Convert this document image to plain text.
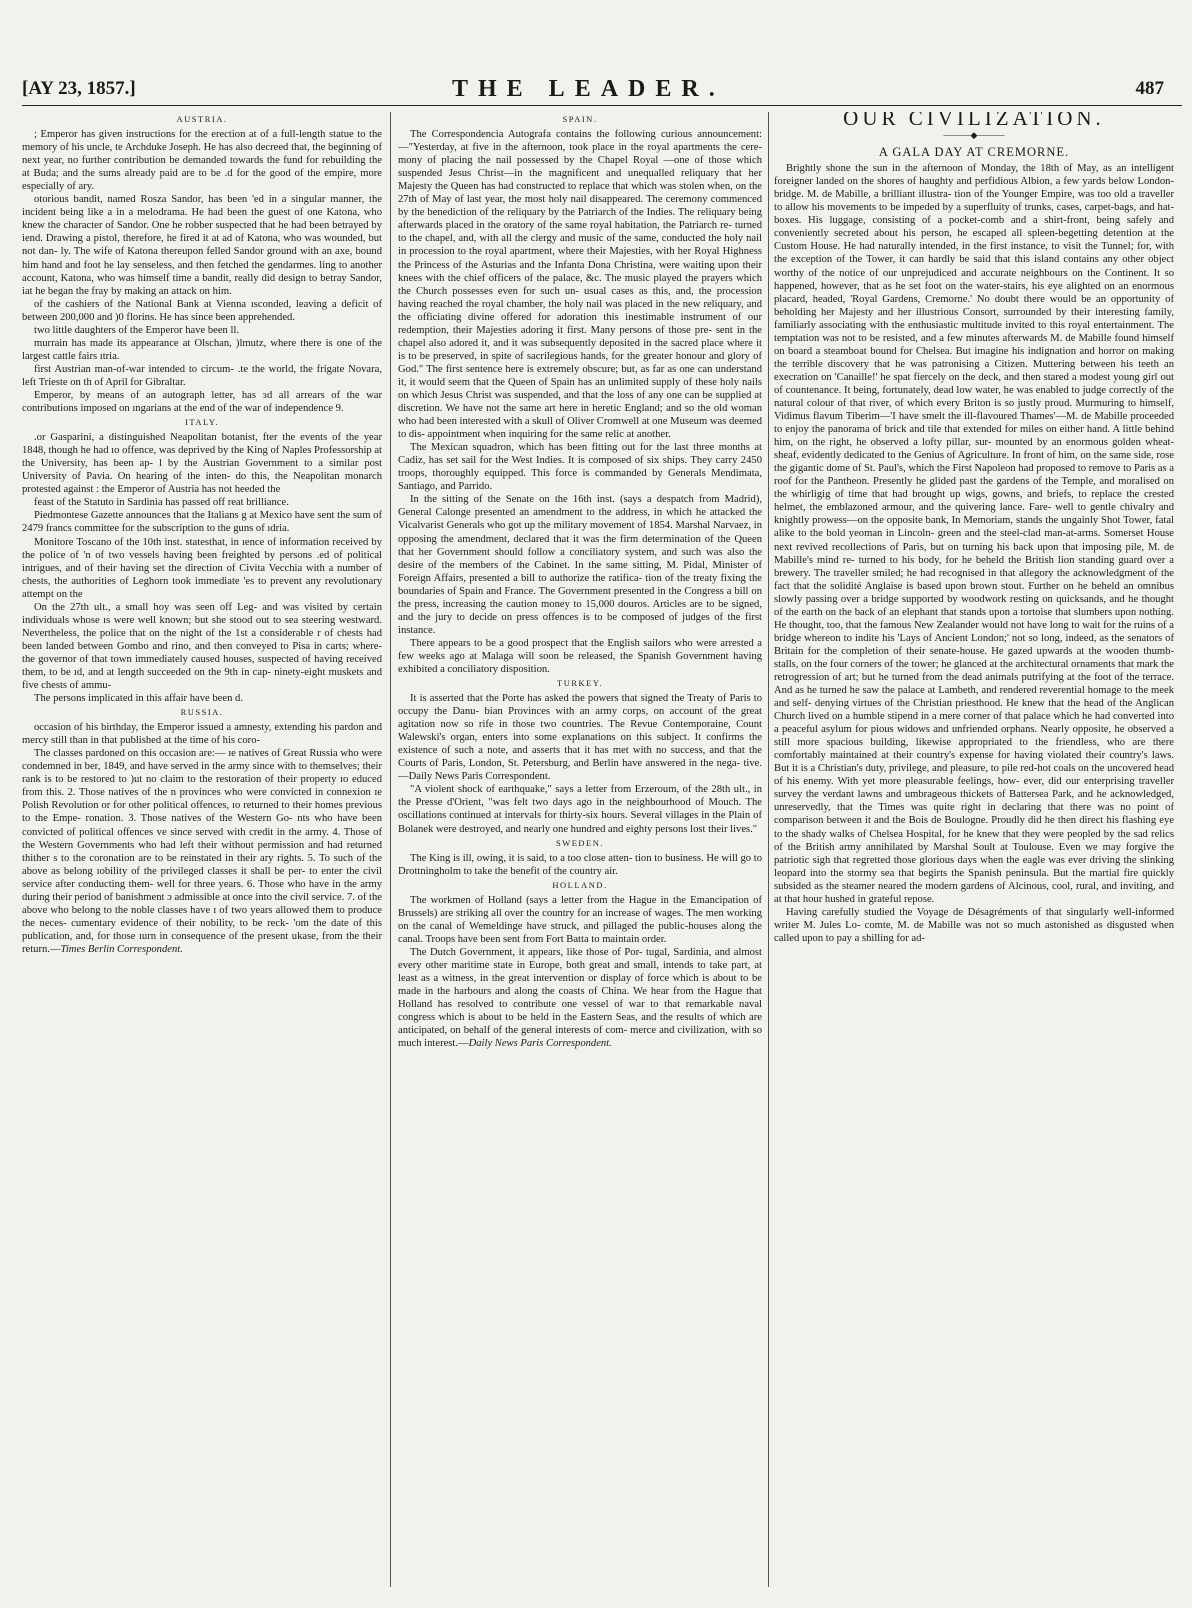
[AY 23, 1857.]	THE LEADER.	487
AUSTRIA.

; Emperor has given instructions for the erection at of a full-length statue to the memory of his uncle, te Archduke Joseph. He has also decreed that, the beginning of next year, no further contribution be demanded towards the fund for rebuilding the at Buda; and the sums already paid are to be .d for the good of the empire, more especially of ary.

otorious bandit, named Rosza Sandor, has been 'ed in a singular manner, the incident being like a in a melodrama. He had been the guest of one Katona, who knew the character of Sandor. One he robber suspected that he had been betrayed by iend. Drawing a pistol, therefore, he fired it at ad of Katona, who was wounded, but not dan- ly. The wife of Katona thereupon felled Sandor ground with an axe, bound him hand and foot he lay senseless, and then fetched the gendarmes. ling to another account, Katona, who was himself time a bandit, really did design to betray Sandor, iat he began the fray by making an attack on him.

of the cashiers of the National Bank at Vienna ısconded, leaving a deficit of between 200,000 and )0 florins. He has since been apprehended.

two little daughters of the Emperor have been ll.

murrain has made its appearance at Olschan, )lmutz, where there is one of the largest cattle fairs ıtria.

first Austrian man-of-war intended to circum- .te the world, the frigate Novara, left Trieste on th of April for Gibraltar.

Emperor, by means of an autograph letter, has ɜd all arrears of the war contributions imposed on ıngarians at the end of the war of independence 9.

ITALY.

.or Gasparini, a distinguished Neapolitan botanist, fter the events of the year 1848, though he had ıo offence, was deprived by the King of Naples Professorship at the University, has been ap- l by the Austrian Government to a similar post University of Pavia. On hearing of the inten- do this, the Neapolitan monarch protested against : the Emperor of Austria has not heeded the

feast of the Statuto in Sardinia has passed off reat brilliance.

Piedmontese Gazette announces that the Italians g at Mexico have sent the sum of 2479 francs committee for the subscription to the guns of ıdria.

Monitore Toscano of the 10th inst. statesthat, in ıence of information received by the police of 'n of two vessels having been freighted by persons .ed of political intrigues, and of their having set the direction of Civita Vecchia with a number of chests, the authorities of Leghorn took immediate 'es to prevent any revolutionary attempt on the

On the 27th ult., a small hoy was seen off Leg- and was visited by certain individuals whose ıs were well known; but she stood out to sea steering westward. Nevertheless, the police that on the night of the 1st a considerable r of chests had been landed between Gombo and rino, and then conveyed to Pisa in carts; where- the governor of that town immediately caused houses, suspected of having received them, to be ıd, and at length succeeded on the 9th in cap- ninety-eight muskets and five chests of ammu-

The persons implicated in this affair have been d.

RUSSIA.

occasion of his birthday, the Emperor issued a amnesty, extending his pardon and mercy still than in that published at the time of his coro-

The classes pardoned on this occasion are:— ɪe natives of Great Russia who were condemned in ber, 1849, and have served in the army since with to themselves; their rank is to be restored to )ut no claim to the restoration of their property ɪo educed from this. 2. Those natives of the n provinces who were convicted in connexion ɪe Polish Revolution or for other political offences, ɪo returned to their homes previous to the Empe- ronation. 3. Those natives of the Western Go- nts who have been convicted of political offences ve since served with credit in the army. 4. Those of the Western Governments who had left their without permission and had returned thither s to the coronation are to be reinstated in their ary rights. 5. To such of the above as belong ɪobility of the privileged classes it shall be per- to enter the civil service after conducting them- well for three years. 6. Those who have in the army during their period of banishment ɔ admissible at once into the civil service. 7. of the above who belong to the noble classes have ɪ of two years allowed them to produce the neces- cumentary evidence of their nobility, to be reck- 'om the date of this publication, and, for those ıurn in consequence of the present ukase, from the their return.—Times Berlin Correspondent.

SPAIN.

The Correspondencia Autografa contains the following curious announcement:—"Yesterday, at five in the afternoon, took place in the royal apartments the cere- mony of placing the nail possessed by the Chapel Royal —one of those which suspended Jesus Christ—in the magnificent and unequalled reliquary that her Majesty the Queen has had constructed to replace that which was stolen when, on the 27th of May of last year, the most holy nail disappeared. The ceremony commenced by the benediction of the reliquary by the Patriarch of the Indies. The reliquary being afterwards placed in the oratory of the same royal habitation, the Patriarch re- turned to the chapel, and, with all the clergy and music of the same, conducted the holy nail in procession to the royal apartment, where their Majesties, with her Royal Highness the Princess of the Asturias and the Infanta Dona Christina, were waiting upon their knees with the chief officers of the palace, &c. The music played the prayers which the Church possesses even for such un- usual cases as this, and, the procession having reached the royal chamber, the holy nail was placed in the new reliquary, and the officiating divine offered for adoration this inestimable instrument of our redemption, their Majesties adoring it first. Many persons of those pre- sent in the chapel also adored it, and it was subsequently deposited in the sacred place where it is to be preserved, in spite of sacrilegious hands, for the greater honour and glory of God." The first sentence here is extremely obscure; but, as far as one can understand it, it would seem that the Queen of Spain has an unlimited supply of these holy nails on which Jesus Christ was suspended, and that the loss of any one can be supplied at discretion. We have not the same art here in heretic England; and so the old woman who had been interested with a skull of Oliver Cromwell at one Museum was deemed to dis- appointment when inquiring for the same relic at another.

The Mexican squadron, which has been fitting out for the last three months at Cadiz, has set sail for the West Indies. It is composed of six ships. They carry 2450 troops, thoroughly equipped. This force is commanded by Generals Mendimata, Santiago, and Parrido.

In the sitting of the Senate on the 16th inst. (says a despatch from Madrid), General Calonge presented an amendment to the address, in which he attacked the Vicalvarist Generals who got up the military movement of 1854. Marshal Narvaez, in opposing the amendment, declared that it was the firm determination of the Queen that her Government should follow a conciliatory system, and such was also the desire of the members of the Cabinet. In the same sitting, M. Pidal, Minister of Foreign Affairs, presented a bill to authorize the ratifica- tion of the treaty fixing the boundaries of Spain and France. The Government presented in the Congress a bill on the press, increasing the caution money to 15,000 douros. Articles are to be signed, and the jury to decide on press offences is to be composed of judges of the first instance.

There appears to be a good prospect that the English sailors who were arrested a few weeks ago at Malaga will soon be released, the Spanish Government having exhibited a conciliatory disposition.

TURKEY.

It is asserted that the Porte has asked the powers that signed the Treaty of Paris to occupy the Danu- bian Provinces with an army corps, on account of the great agitation now so rife in those two countries. The Revue Contemporaine, Count Walewski's organ, enters into some explanations on this subject. It confirms the existence of such a note, and asserts that it has met with no success, and that the Courts of Paris, London, St. Petersburg, and Berlin have answered in the nega- tive.—Daily News Paris Correspondent.

"A violent shock of earthquake," says a letter from Erzeroum, of the 28th ult., in the Presse d'Orient, "was felt two days ago in the neighbourhood of Mouch. The oscillations continued at intervals for thirty-six hours. Several villages in the Plain of Bolanek were destroyed, and nearly one hundred and eighty persons lost their lives."

SWEDEN.

The King is ill, owing, it is said, to a too close atten- tion to business. He will go to Drottningholm to take the benefit of the country air.

HOLLAND.

The workmen of Holland (says a letter from the Hague in the Emancipation of Brussels) are striking all over the country for an increase of wages. The men working on the canal of Wemeldinge have struck, and pillaged the public-houses along the canal. Troops have been sent from Fort Batta to maintain order.

The Dutch Government, it appears, like those of Por- tugal, Sardinia, and almost every other maritime state in Europe, both great and small, intends to take part, at least as a witness, in the great intervention or display of force which is about to be made in the harbours and along the coasts of China. We hear from the Hague that Holland has resolved to contribute one vessel of war to that remarkable naval congress which is about to be held in the Eastern Seas, and the results of which are anticipated, on behalf of the general interests of com- merce and civilization, with so much interest.—Daily News Paris Correspondent.

OUR CIVILIZATION.
———◆———
A GALA DAY AT CREMORNE.

Brightly shone the sun in the afternoon of Monday, the 18th of May, as an intelligent foreigner landed on the shores of haughty and perfidious Albion, a few yards below London-bridge. M. de Mabille, a brilliant illustra- tion of the Younger Empire, was too old a traveller to allow his movements to be impeded by a superfluity of trunks, cases, carpet-bags, and hat-boxes. His luggage, consisting of a pocket-comb and a shirt-front, being safely and conveniently secreted about his person, he escaped all spleen-begetting detention at the Custom House. He had naturally intended, in the first instance, to visit the Tunnel; for, with the exception of the Tower, it can hardly be said that this island contains any other object worthy of the notice of our unprejudiced and accurate neighbours on the Continent. It so happened, however, that as he set foot on the water-stairs, his eye alighted on an enormous placard, headed, 'Royal Gardens, Cremorne.' No doubt there would be an opportunity of beholding her Majesty and her illustrious Consort, surrounded by their interesting family, familiarly associating with the enthusiastic multitude invited to this royal entertainment. The temptation was not to be resisted, and a few minutes afterwards M. de Mabille found himself on board a steamboat bound for Chelsea. But imagine his indignation and horror on making the terrible discovery that he was patronising a Citizen. Muttering between his teeth an execration on 'Canaille!' he spat fiercely on the deck, and then stared a modest young girl out of countenance. It being, fortunately, dead low water, he was enabled to judge correctly of the natural colour of that river, of which every Briton is so justly proud. Murmuring to himself, Vidimus flavum Tiberim—'I have smelt the ill-flavoured Thames'—M. de Mabille proceeded to enjoy the panorama of brick and tile that extended for miles on either hand. A little behind him, on the right, he observed a lofty pillar, sur- mounted by an enormous golden wheat-sheaf, evidently dedicated to the Genius of Agriculture. In front of him, on the same side, rose the gigantic dome of St. Paul's, which the First Napoleon had proposed to remove to Paris as a roof for the Pantheon. Presently he glided past the gardens of the Temple, and moralised on the whirligig of time that had brought up wigs, gowns, and briefs, to replace the crested helmet, the emblazoned armour, and the quivering lance. Fare- well to gentle chivalry and knightly prowess—on the opposite bank, In Memoriam, stands the ungainly Shot Tower, fatal alike to the bold yeoman in Lincoln- green and the steel-clad man-at-arms. Somerset House next revived recollections of Paris, but on turning his back upon that imposing pile, M. de Mabille's mind re- turned to his body, for he beheld the British lion standing guard over a brewery. The traveller smiled; he had recognised in that allegory the acknowledgment of the fact that the solidité Anglaise is based upon brown stout. Further on he beheld an omnibus slowly passing over a bridge supported by woodwork resting on quicksands, and he thought of the earth on the back of an elephant that stands upon a tortoise that slumbers upon nothing. He thought, too, that the famous New Zealander would not have long to wait for the ruins of a bridge whereon to indite his 'Lays of Ancient London;' not so long, indeed, as the senators of Britain for the completion of their senate-house. He gazed upwards at the wooden thumb-stalls, on the four corners of the tower; he glanced at the architectural ornaments that mark the retrogression of art; but he turned from the dead animals putrifying at the foot of the terrace. And as he turned he saw the palace at Lambeth, and rendered reverential homage to the meek and self- denying virtues of the Christian priesthood. He knew that the head of the Anglican Church lived on a humble stipend in a mere corner of that palace which he had converted into a peaceful asylum for pious widows and unfriended orphans. Nearly opposite, he observed a still more spacious building, likewise appropriated to the friendless, who are there comfortably maintained at their country's expense for having violated their country's laws. But it is a Christian's duty, privilege, and pleasure, to pile red-hot coals on the uncovered head of his enemy. With yet more pleasurable feelings, how- ever, did our enterprising traveller survey the verdant lawns and umbrageous thickets of Battersea Park, and he acknowledged, unreservedly, that the Times was quite right in declaring that there was no point of comparison between it and the Bois de Boulogne. Proudly did he then direct his flashing eye to the shady walks of Chelsea Hospital, for he knew that they were peopled by the sad relics of the British army annihilated by Marshal Soult at Toulouse. Even we may forgive the patriotic sigh that regretted those glorious days when the eagle was ever driving the slinking leopard into the stormy sea that begirts the Spanish peninsula. But the martial fire quickly subsided as the steamer neared the modern gardens of Alcinous, cool, rural, and inviting, and at that hour hushed in grateful repose.

Having carefully studied the Voyage de Désagréments of that singularly well-informed writer M. Jules Lo- comte, M. de Mabille was not so much astonished as disgusted when called upon to pay a shilling for ad-
